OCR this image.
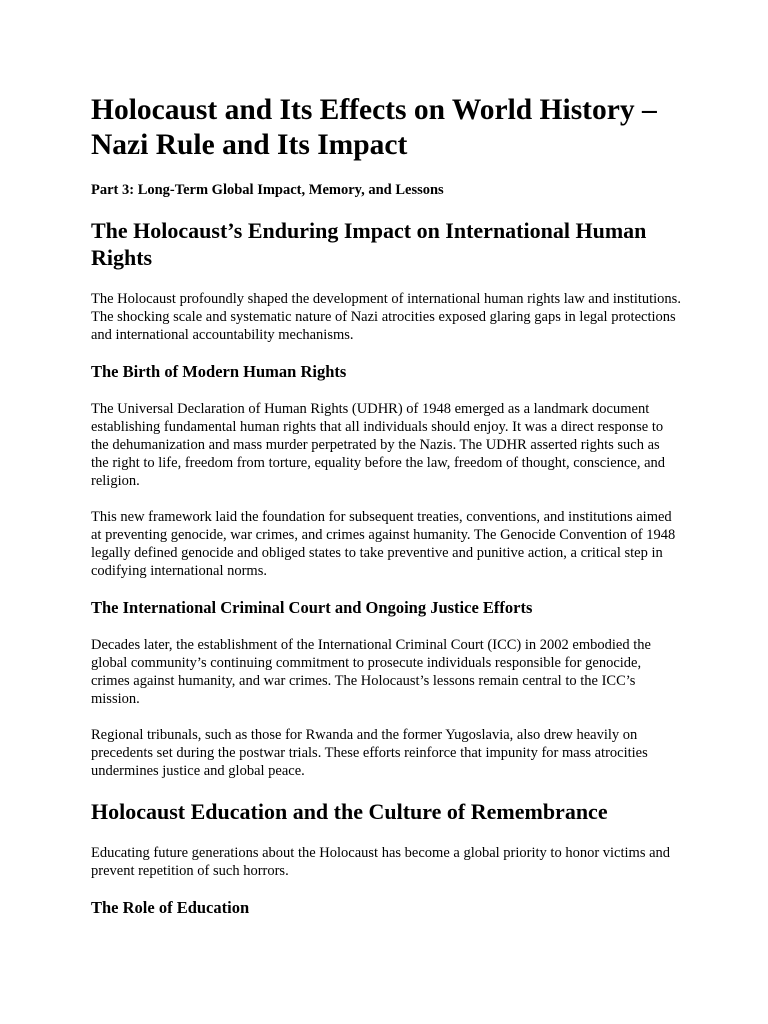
Holocaust and Its Effects on World History – Nazi Rule and Its Impact

Part 3: Long-Term Global Impact, Memory, and Lessons

The Holocaust’s Enduring Impact on International Human Rights

The Holocaust profoundly shaped the development of international human rights law and institutions. The shocking scale and systematic nature of Nazi atrocities exposed glaring gaps in legal protections and international accountability mechanisms.

The Birth of Modern Human Rights

The Universal Declaration of Human Rights (UDHR) of 1948 emerged as a landmark document establishing fundamental human rights that all individuals should enjoy. It was a direct response to the dehumanization and mass murder perpetrated by the Nazis. The UDHR asserted rights such as the right to life, freedom from torture, equality before the law, freedom of thought, conscience, and religion.

This new framework laid the foundation for subsequent treaties, conventions, and institutions aimed at preventing genocide, war crimes, and crimes against humanity. The Genocide Convention of 1948 legally defined genocide and obliged states to take preventive and punitive action, a critical step in codifying international norms.

The International Criminal Court and Ongoing Justice Efforts

Decades later, the establishment of the International Criminal Court (ICC) in 2002 embodied the global community’s continuing commitment to prosecute individuals responsible for genocide, crimes against humanity, and war crimes. The Holocaust’s lessons remain central to the ICC’s mission.

Regional tribunals, such as those for Rwanda and the former Yugoslavia, also drew heavily on precedents set during the postwar trials. These efforts reinforce that impunity for mass atrocities undermines justice and global peace.

Holocaust Education and the Culture of Remembrance

Educating future generations about the Holocaust has become a global priority to honor victims and prevent repetition of such horrors.

The Role of Education
